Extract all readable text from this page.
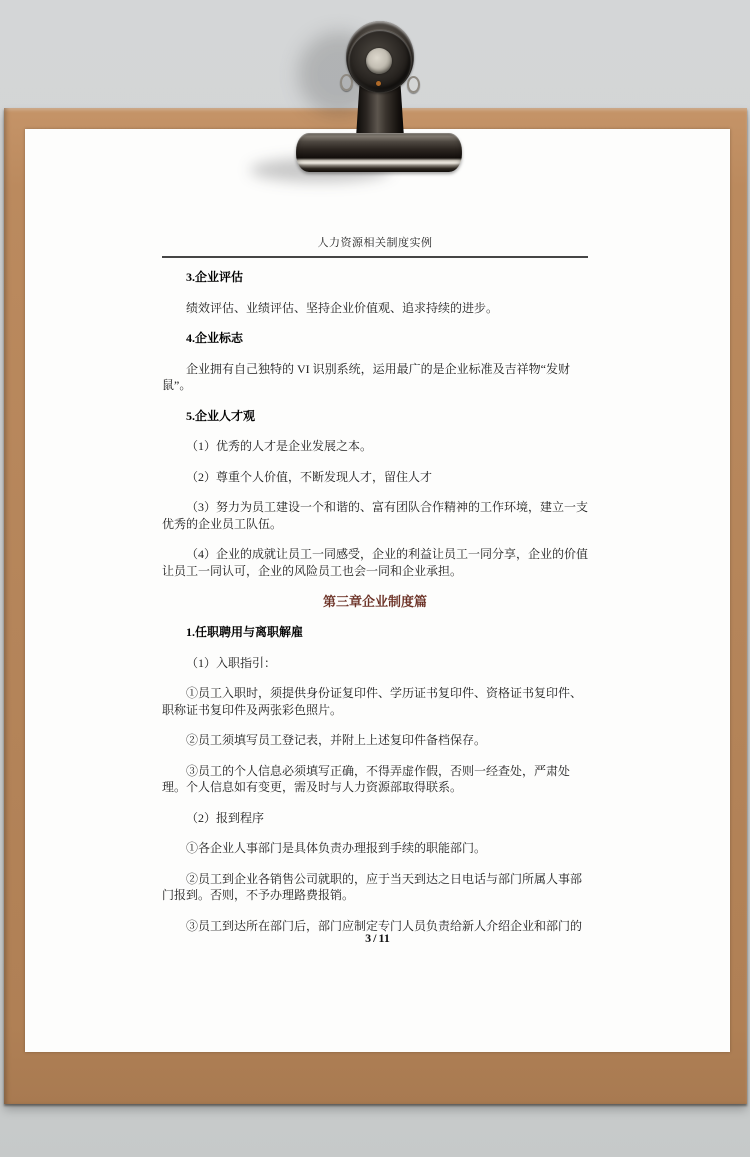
人力资源相关制度实例

3.企业评估

绩效评估、业绩评估、坚持企业价值观、追求持续的进步。

4.企业标志

企业拥有自己独特的 VI 识别系统，运用最广的是企业标准及吉祥物“发财鼠”。

5.企业人才观

（1）优秀的人才是企业发展之本。

（2）尊重个人价值，不断发现人才，留住人才

（3）努力为员工建设一个和谐的、富有团队合作精神的工作环境，建立一支优秀的企业员工队伍。

（4）企业的成就让员工一同感受，企业的利益让员工一同分享，企业的价值让员工一同认可，企业的风险员工也会一同和企业承担。

第三章企业制度篇

1.任职聘用与离职解雇

（1）入职指引：

①员工入职时，须提供身份证复印件、学历证书复印件、资格证书复印件、职称证书复印件及两张彩色照片。

②员工须填写员工登记表，并附上上述复印件备档保存。

③员工的个人信息必须填写正确，不得弄虚作假，否则一经查处，严肃处理。个人信息如有变更，需及时与人力资源部取得联系。

（2）报到程序

①各企业人事部门是具体负责办理报到手续的职能部门。

②员工到企业各销售公司就职的，应于当天到达之日电话与部门所属人事部门报到。否则，不予办理路费报销。

③员工到达所在部门后，部门应制定专门人员负责给新人介绍企业和部门的

3 / 11
